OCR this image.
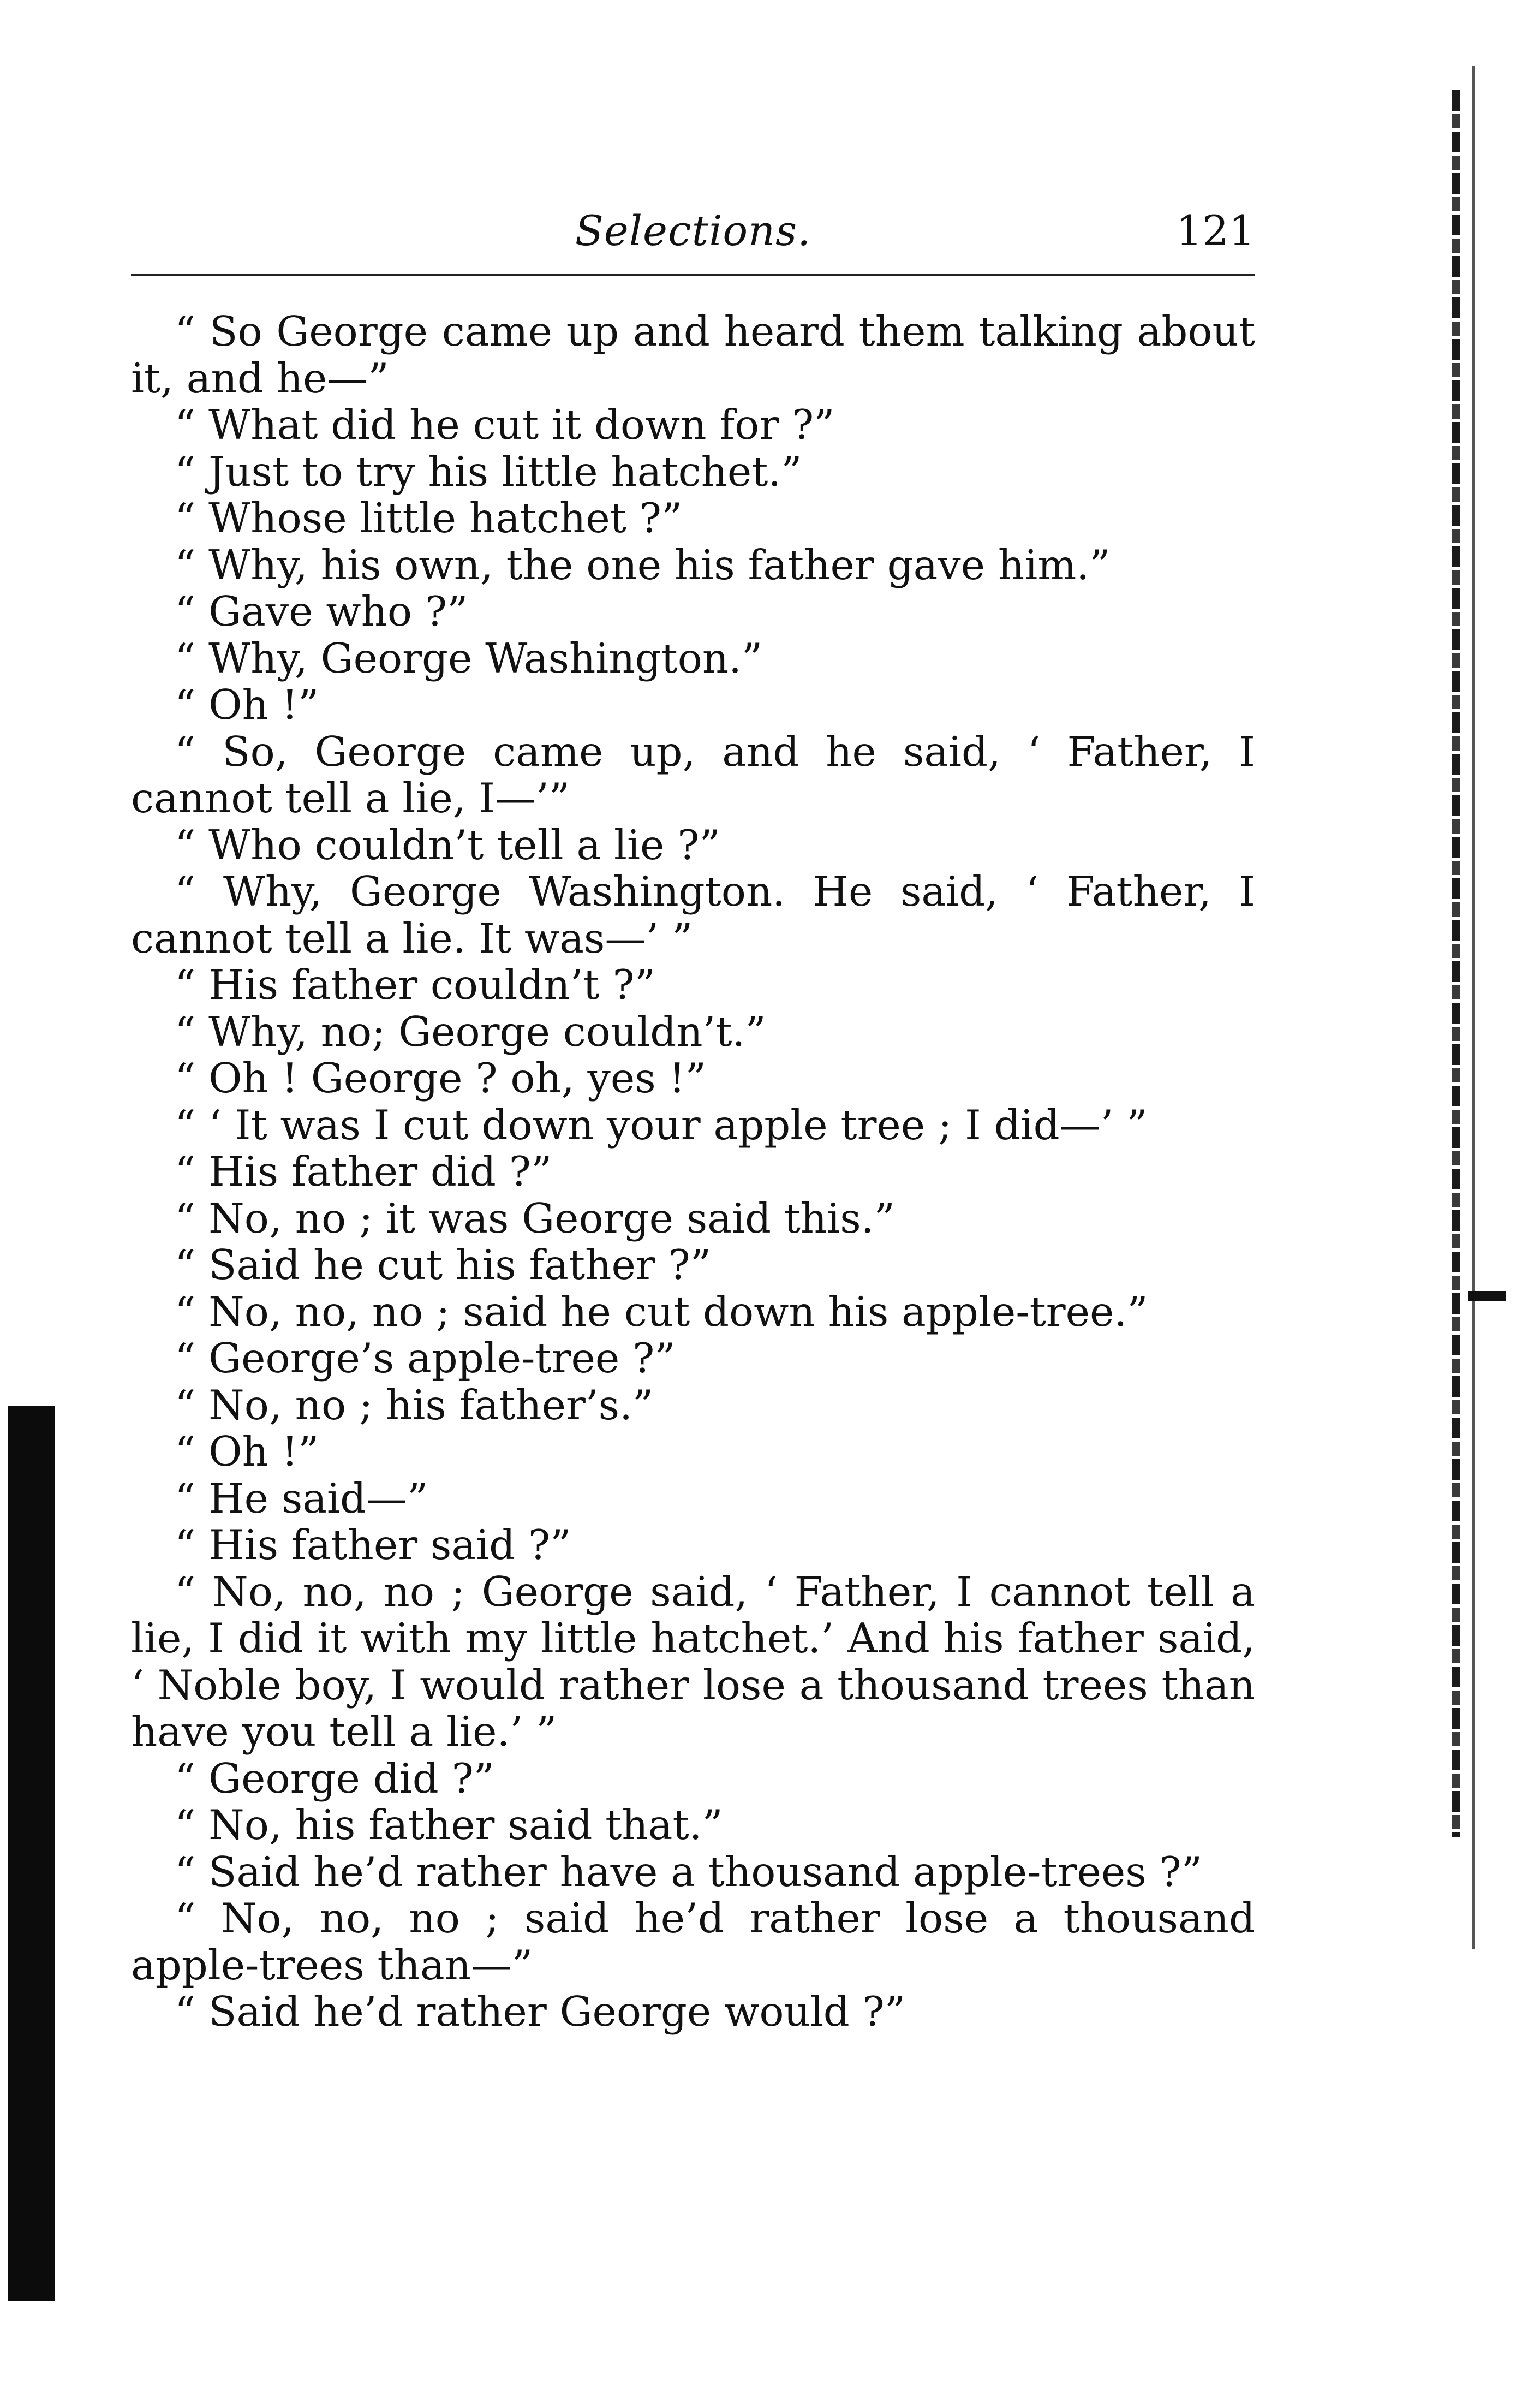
Selections.	121

“ So George came up and heard them talking about it, and he—”

“ What did he cut it down for ?”

“ Just to try his little hatchet.”

“ Whose little hatchet ?”

“ Why, his own, the one his father gave him.”

“ Gave who ?”

“ Why, George Washington.”

“ Oh !”

“ So, George came up, and he said, ‘ Father, I cannot tell a lie, I—’”

“ Who couldn’t tell a lie ?”

“ Why, George Washington. He said, ‘ Father, I cannot tell a lie. It was—’ ”

“ His father couldn’t ?”

“ Why, no; George couldn’t.”

“ Oh ! George ? oh, yes !”

“ ‘ It was I cut down your apple tree ; I did—’ ”

“ His father did ?”

“ No, no ; it was George said this.”

“ Said he cut his father ?”

“ No, no, no ; said he cut down his apple-tree.”

“ George’s apple-tree ?”

“ No, no ; his father’s.”

“ Oh !”

“ He said—”

“ His father said ?”

“ No, no, no ; George said, ‘ Father, I cannot tell a lie, I did it with my little hatchet.’ And his father said, ‘ Noble boy, I would rather lose a thousand trees than have you tell a lie.’ ”

“ George did ?”

“ No, his father said that.”

“ Said he’d rather have a thousand apple-trees ?”

“ No, no, no ; said he’d rather lose a thousand apple-trees than—”

“ Said he’d rather George would ?”
